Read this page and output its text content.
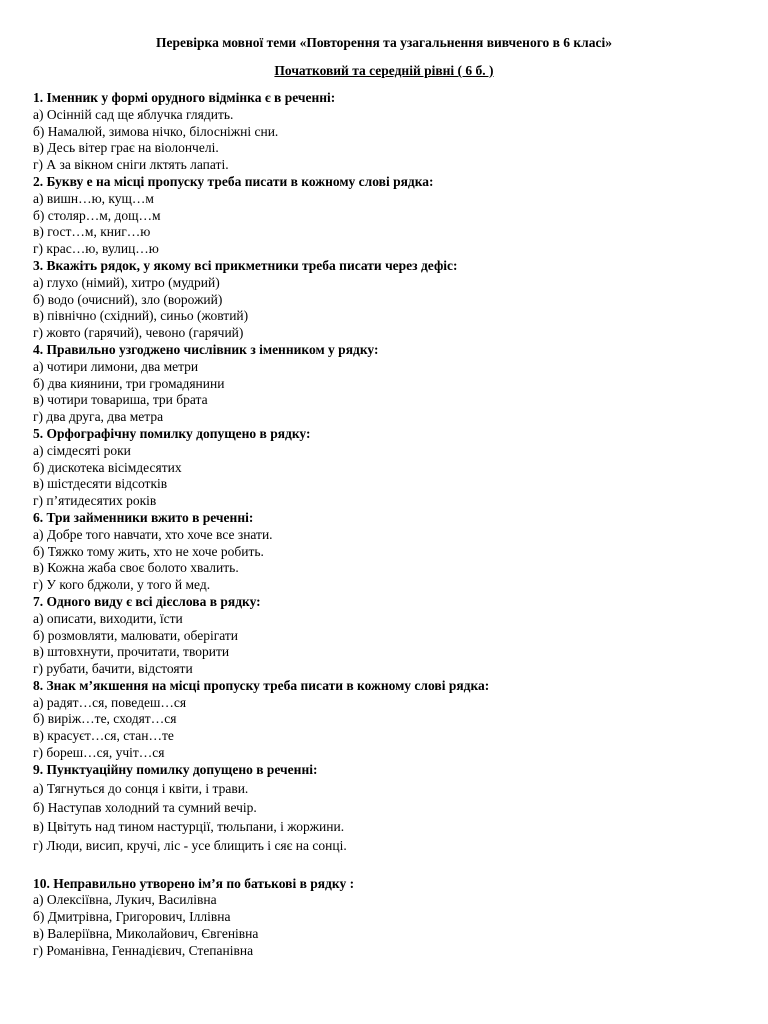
Перевірка мовної теми «Повторення та узагальнення вивченого в 6 класі»
Початковий та середній рівні ( 6 б. )
1. Іменник у формі орудного відмінка є в реченні:
а) Осінній сад ще яблучка глядить.
б) Намалюй, зимова нічко, білосніжні сни.
в) Десь вітер грає на віолончелі.
г) А за вікном сніги лктять лапаті.
2. Букву е на місці пропуску треба писати в кожному слові рядка:
а) вишн…ю, кущ…м
б) столяр…м, дощ…м
в) гост…м, книг…ю
г) крас…ю, вулиц…ю
3. Вкажіть рядок, у якому всі прикметники треба писати через дефіс:
а) глухо (німий), хитро (мудрий)
б) водо (очисний), зло (ворожий)
в) північно (східний), синьо (жовтий)
г) жовто (гарячий), чевоно (гарячий)
4. Правильно узгоджено числівник з іменником у рядку:
а) чотири лимони, два метри
б) два киянини, три громадянини
в) чотири товариша, три брата
г) два друга, два метра
5. Орфографічну помилку допущено в рядку:
а) сімдесяті роки
б) дискотека вісімдесятих
в) шістдесяти відсотків
г) п’ятидесятих років
6. Три займенники вжито в реченні:
а) Добре того навчати, хто хоче все знати.
б) Тяжко тому жить, хто не хоче робить.
в) Кожна жаба своє болото хвалить.
г) У кого бджоли, у того й мед.
7. Одного виду є всі дієслова в рядку:
а) описати, виходити, їсти
б) розмовляти, малювати, оберігати
в) штовхнути, прочитати, творити
г) рубати, бачити, відстояти
8. Знак м’якшення на місці пропуску треба писати в кожному слові рядка:
а) радят…ся, поведеш…ся
б) виріж…те, сходят…ся
в) красуєт…ся, стан…те
г) бореш…ся, учіт…ся
9. Пунктуаційну помилку допущено в реченні:
а) Тягнуться до сонця і квіти, і трави.
б) Наступав холодний та сумний вечір.
в) Цвітуть над тином настурції, тюльпани, і жоржини.
г) Люди, висип, кручі, ліс - усе блищить і сяє на сонці.
10. Неправильно утворено ім’я по батькові в рядку :
а) Олексіївна, Лукич, Василівна
б) Дмитрівна, Григорович, Іллівна
в) Валеріївна, Миколайович, Євгенівна
г) Романівна, Геннадієвич, Степанівна
